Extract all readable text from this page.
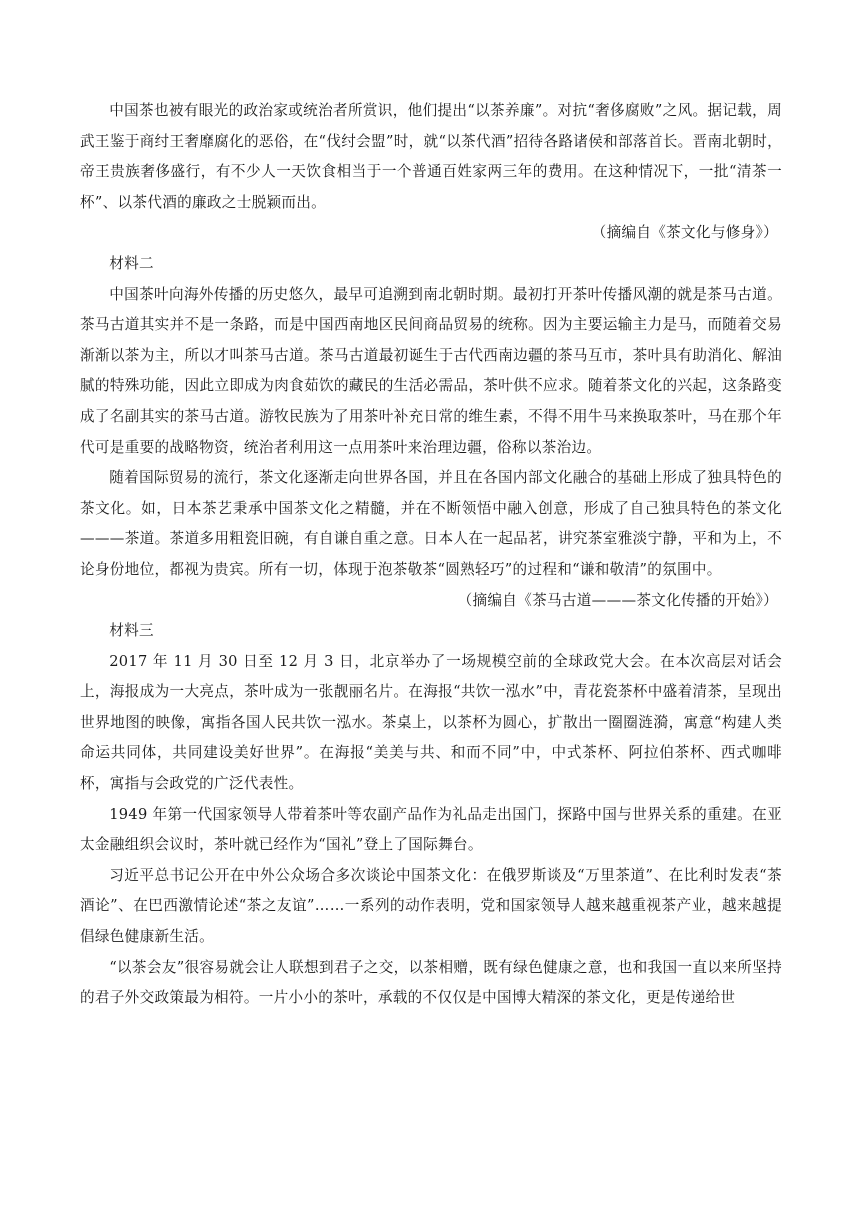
中国茶也被有眼光的政治家或统治者所赏识，他们提出“以茶养廉”。对抗“奢侈腐败”之风。据记载，周武王鉴于商纣王奢靡腐化的恶俗，在“伐纣会盟”时，就“以茶代酒”招待各路诸侯和部落首长。晋南北朝时，帝王贵族奢侈盛行，有不少人一天饮食相当于一个普通百姓家两三年的费用。在这种情况下，一批“清茶一杯”、以茶代酒的廉政之士脱颖而出。

（摘编自《茶文化与修身》）

材料二

中国茶叶向海外传播的历史悠久，最早可追溯到南北朝时期。最初打开茶叶传播风潮的就是茶马古道。茶马古道其实并不是一条路，而是中国西南地区民间商品贸易的统称。因为主要运输主力是马，而随着交易渐渐以茶为主，所以才叫茶马古道。茶马古道最初诞生于古代西南边疆的茶马互市，茶叶具有助消化、解油腻的特殊功能，因此立即成为肉食茹饮的藏民的生活必需品，茶叶供不应求。随着茶文化的兴起，这条路变成了名副其实的茶马古道。游牧民族为了用茶叶补充日常的维生素，不得不用牛马来换取茶叶，马在那个年代可是重要的战略物资，统治者利用这一点用茶叶来治理边疆，俗称以茶治边。

随着国际贸易的流行，茶文化逐渐走向世界各国，并且在各国内部文化融合的基础上形成了独具特色的茶文化。如，日本茶艺秉承中国茶文化之精髓，并在不断领悟中融入创意，形成了自己独具特色的茶文化———茶道。茶道多用粗瓷旧碗，有自谦自重之意。日本人在一起品茗，讲究茶室雅淡宁静，平和为上，不论身份地位，都视为贵宾。所有一切，体现于泡茶敬茶“圆熟轻巧”的过程和“谦和敬清”的氛围中。

（摘编自《茶马古道———茶文化传播的开始》）

材料三

2017 年 11 月 30 日至 12 月 3 日，北京举办了一场规模空前的全球政党大会。在本次高层对话会上，海报成为一大亮点，茶叶成为一张靓丽名片。在海报“共饮一泓水”中，青花瓷茶杯中盛着清茶，呈现出世界地图的映像，寓指各国人民共饮一泓水。茶桌上，以茶杯为圆心，扩散出一圈圈涟漪，寓意“构建人类命运共同体，共同建设美好世界”。在海报“美美与共、和而不同”中，中式茶杯、阿拉伯茶杯、西式咖啡杯，寓指与会政党的广泛代表性。

1949 年第一代国家领导人带着茶叶等农副产品作为礼品走出国门，探路中国与世界关系的重建。在亚太金融组织会议时，茶叶就已经作为“国礼”登上了国际舞台。

习近平总书记公开在中外公众场合多次谈论中国茶文化：在俄罗斯谈及“万里茶道”、在比利时发表“茶酒论”、在巴西激情论述“茶之友谊”……一系列的动作表明，党和国家领导人越来越重视茶产业，越来越提倡绿色健康新生活。

“以茶会友”很容易就会让人联想到君子之交，以茶相赠，既有绿色健康之意，也和我国一直以来所坚持的君子外交政策最为相符。一片小小的茶叶，承载的不仅仅是中国博大精深的茶文化，更是传递给世
